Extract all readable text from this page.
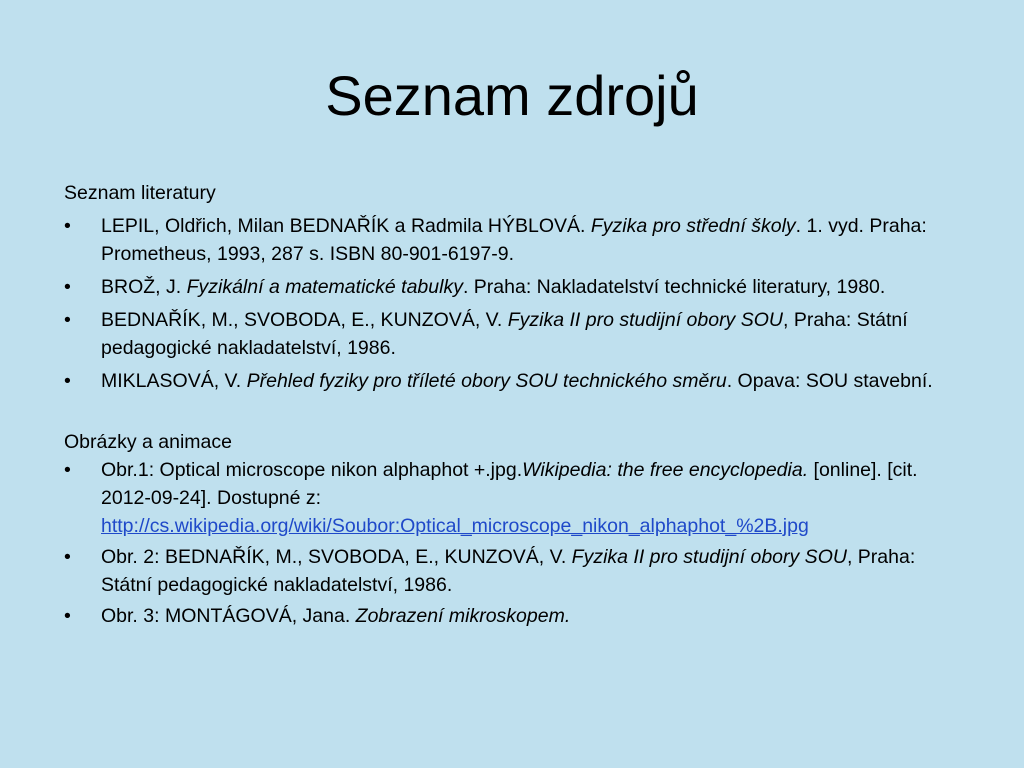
Seznam zdrojů

Seznam literatury

• LEPIL, Oldřich, Milan BEDNAŘÍK a Radmila HÝBLOVÁ. Fyzika pro střední školy. 1. vyd. Praha: Prometheus, 1993, 287 s. ISBN 80-901-6197-9.
• BROŽ, J. Fyzikální a matematické tabulky. Praha: Nakladatelství technické literatury, 1980.
• BEDNAŘÍK, M., SVOBODA, E., KUNZOVÁ, V. Fyzika II pro studijní obory SOU, Praha: Státní pedagogické nakladatelství, 1986.
• MIKLASOVÁ, V. Přehled fyziky pro tříleté obory SOU technického směru. Opava: SOU stavební.

Obrázky a animace

• Obr.1: Optical microscope nikon alphaphot +.jpg.Wikipedia: the free encyclopedia. [online]. [cit. 2012-09-24]. Dostupné z:
http://cs.wikipedia.org/wiki/Soubor:Optical_microscope_nikon_alphaphot_%2B.jpg
• Obr. 2: BEDNAŘÍK, M., SVOBODA, E., KUNZOVÁ, V. Fyzika II pro studijní obory SOU, Praha: Státní pedagogické nakladatelství, 1986.
• Obr. 3: MONTÁGOVÁ, Jana. Zobrazení mikroskopem.
